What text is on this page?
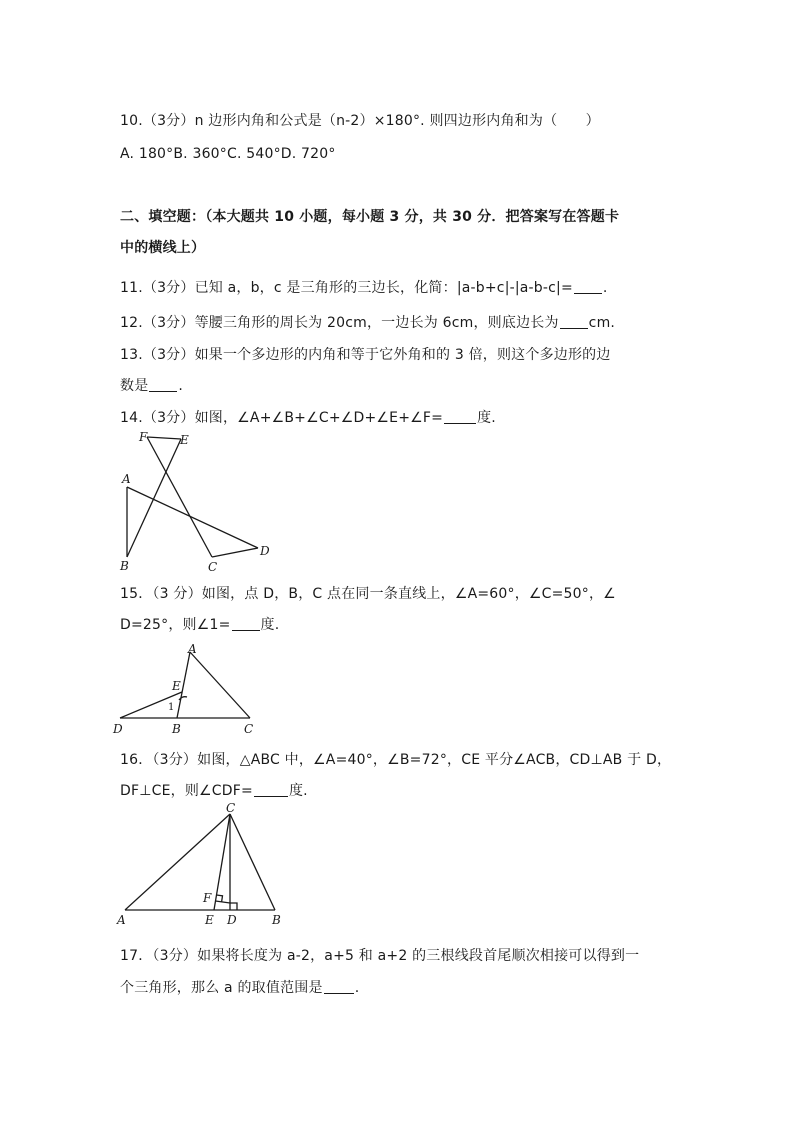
10.（3分）n 边形内角和公式是（n-2）×180°. 则四边形内角和为（　　）
A. 180°B. 360°C. 540°D. 720°
二、填空题：（本大题共 10 小题，每小题 3 分，共 30 分．把答案写在答题卡
中的横线上）
11.（3分）已知 a，b，c 是三角形的三边长，化简：|a-b+c|-|a-b-c|= .
12.（3分）等腰三角形的周长为 20cm，一边长为 6cm，则底边长为 cm.
13.（3分）如果一个多边形的内角和等于它外角和的 3 倍，则这个多边形的边
数是 .
14.（3分）如图，∠A+∠B+∠C+∠D+∠E+∠F= 度.
A
B	C
D
E
F
15．（3 分）如图，点 D，B，C 点在同一条直线上，∠A=60°，∠C=50°，∠
D=25°，则∠1= 度.
A
B	C
D
E
1
16．（3分）如图，△ABC 中，∠A=40°，∠B=72°，CE 平分∠ACB，CD⊥AB 于 D，
DF⊥CE，则∠CDF=	度.
A	B
C
D
E
F
17．（3分）如果将长度为 a-2，a+5 和 a+2 的三根线段首尾顺次相接可以得到一
个三角形，那么 a 的取值范围是 .
